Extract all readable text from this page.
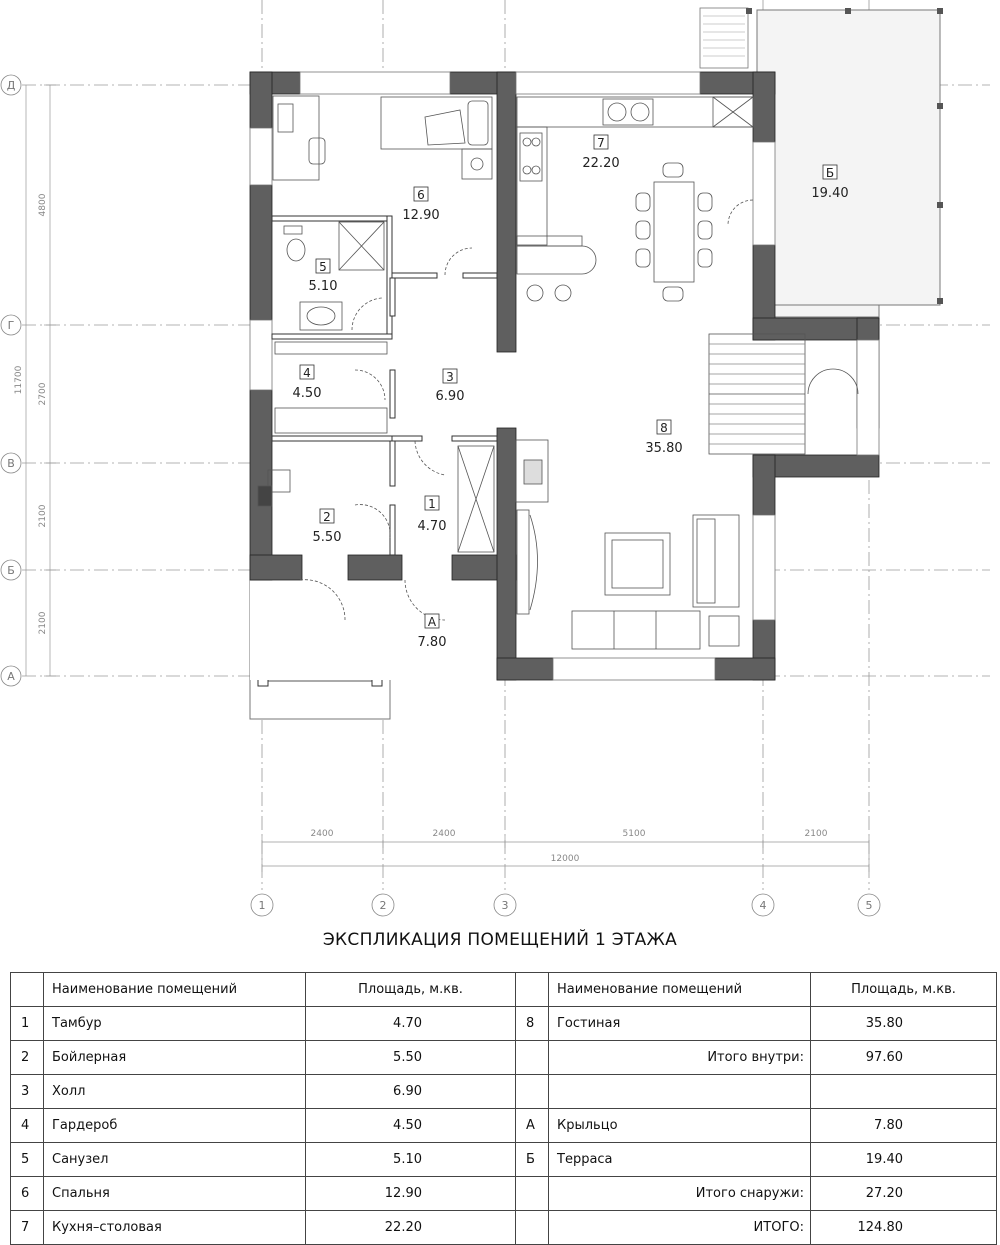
2400	2400	5100	2100
12000
4800
2700
2100
2100
11700
Д
Г
В
Б
А
1	2	3	4	5
1
4.70
2
5.50
3
6.90
4
4.50
5
5.10
6
12.90
7
22.20
8
35.80
А
7.80
Б
19.40
ЭКСПЛИКАЦИЯ ПОМЕЩЕНИЙ 1 ЭТАЖА
	Наименование помещений	Площадь, м.кв.		Наименование помещений	Площадь, м.кв.
1	Тамбур	4.70	8	Гостиная	35.80
2	Бойлерная	5.50		Итого внутри:	97.60
3	Холл	6.90			
4	Гардероб	4.50	А	Крыльцо	7.80
5	Санузел	5.10	Б	Терраса	19.40
6	Спальня	12.90		Итого снаружи:	27.20
7	Кухня–столовая	22.20		ИТОГО:	124.80
